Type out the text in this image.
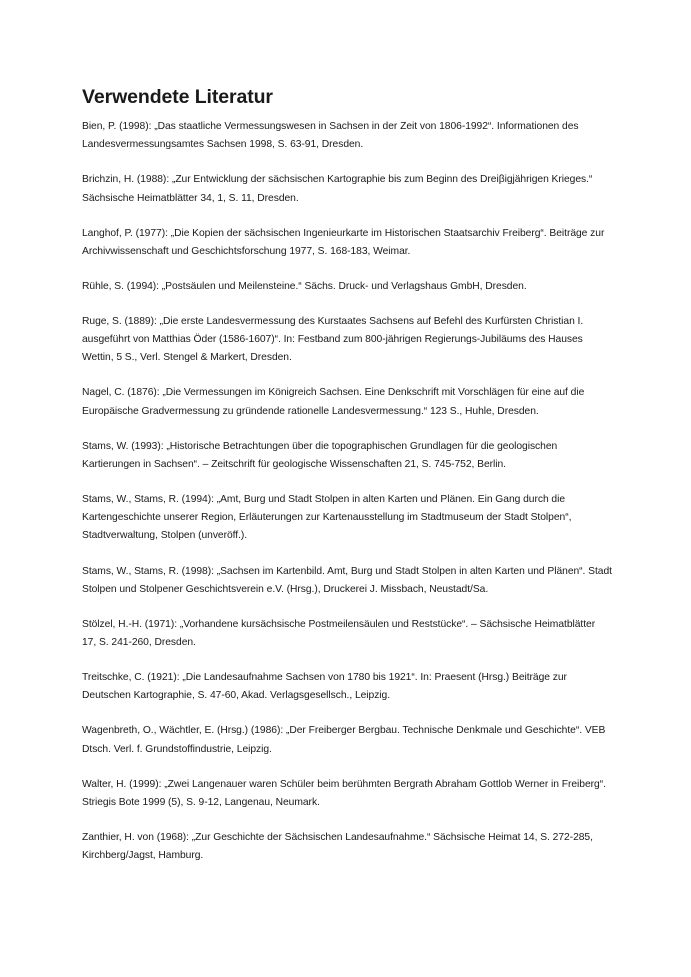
Verwendete Literatur
Bien, P. (1998): „Das staatliche Vermessungswesen in Sachsen in der Zeit von 1806-1992“. Informationen des Landesvermessungsamtes Sachsen 1998, S. 63-91, Dresden.
Brichzin, H. (1988): „Zur Entwicklung der sächsischen Kartographie bis zum Beginn des Dreiβigjährigen Krieges.“ Sächsische Heimatblätter 34, 1, S. 11, Dresden.
Langhof, P. (1977): „Die Kopien der sächsischen Ingenieurkarte im Historischen Staatsarchiv Freiberg“. Beiträge zur Archivwissenschaft und Geschichtsforschung 1977, S. 168-183, Weimar.
Rühle, S. (1994): „Postsäulen und Meilensteine.“ Sächs. Druck- und Verlagshaus GmbH, Dresden.
Ruge, S. (1889): „Die erste Landesvermessung des Kurstaates Sachsens auf Befehl des Kurfürsten Christian I. ausgeführt von Matthias Öder (1586-1607)“. In: Festband zum 800-jährigen Regierungs-Jubiläums des Hauses Wettin, 5 S., Verl. Stengel & Markert, Dresden.
Nagel, C. (1876): „Die Vermessungen im Königreich Sachsen. Eine Denkschrift mit Vorschlägen für eine auf die Europäische Gradvermessung zu gründende rationelle Landesvermessung.“ 123 S., Huhle, Dresden.
Stams, W. (1993): „Historische Betrachtungen über die topographischen Grundlagen für die geologischen Kartierungen in Sachsen“. – Zeitschrift für geologische Wissenschaften 21, S. 745-752, Berlin.
Stams, W., Stams, R. (1994): „Amt, Burg und Stadt Stolpen in alten Karten und Plänen. Ein Gang durch die Kartengeschichte unserer Region, Erläuterungen zur Kartenausstellung im Stadtmuseum der Stadt Stolpen“, Stadtverwaltung, Stolpen (unveröff.).
Stams, W., Stams, R. (1998): „Sachsen im Kartenbild. Amt, Burg und Stadt Stolpen in alten Karten und Plänen“. Stadt Stolpen und Stolpener Geschichtsverein e.V. (Hrsg.), Druckerei J. Missbach, Neustadt/Sa.
Stölzel, H.-H. (1971): „Vorhandene kursächsische Postmeilensäulen und Reststücke“. – Sächsische Heimatblätter 17, S. 241-260, Dresden.
Treitschke, C. (1921): „Die Landesaufnahme Sachsen von 1780 bis 1921“. In: Praesent (Hrsg.) Beiträge zur Deutschen Kartographie, S. 47-60, Akad. Verlagsgesellsch., Leipzig.
Wagenbreth, O., Wächtler, E. (Hrsg.) (1986): „Der Freiberger Bergbau. Technische Denkmale und Geschichte“. VEB Dtsch. Verl. f. Grundstoffindustrie, Leipzig.
Walter, H. (1999): „Zwei Langenauer waren Schüler beim berühmten Bergrath Abraham Gottlob Werner in Freiberg“. Striegis Bote 1999 (5), S. 9-12, Langenau, Neumark.
Zanthier, H. von (1968): „Zur Geschichte der Sächsischen Landesaufnahme.“ Sächsische Heimat 14, S. 272-285, Kirchberg/Jagst, Hamburg.
